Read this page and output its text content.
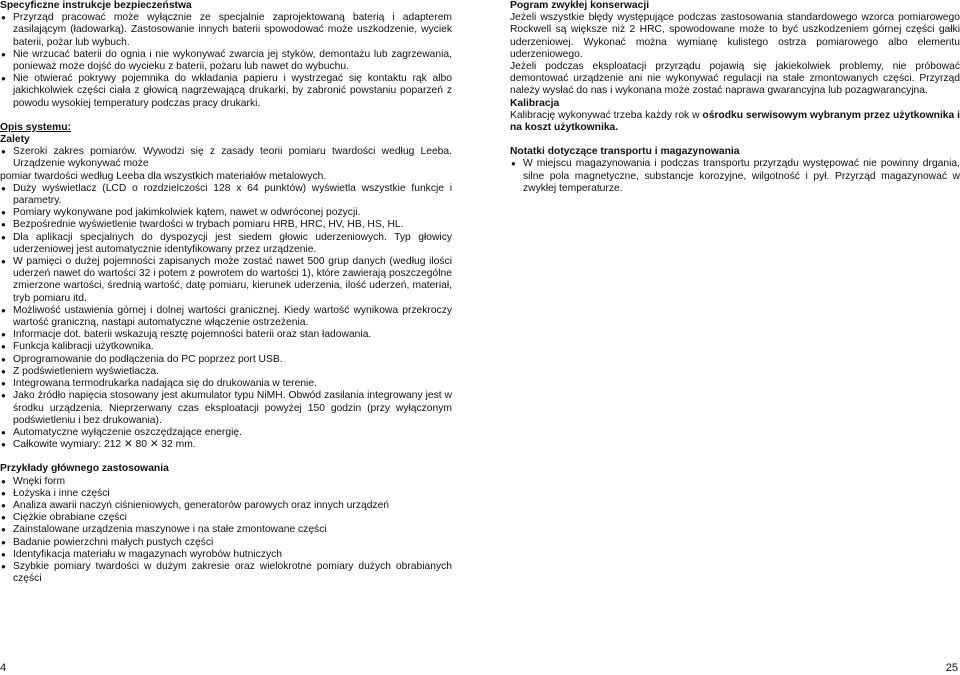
Specyficzne instrukcje bezpieczeństwa
● Przyrząd pracować może wyłącznie ze specjalnie zaprojektowaną baterią i adapterem zasilającym (ładowarką). Zastosowanie innych baterii spowodować może uszkodzenie, wyciek baterii, pożar lub wybuch.
● Nie wrzucać baterii do ognia i nie wykonywać zwarcia jej styków, demontażu lub zagrzewania, ponieważ może dojść do wycieku z baterii, pożaru lub nawet do wybuchu.
● Nie otwierać pokrywy pojemnika do wkładania papieru i wystrzegać się kontaktu rąk albo jakichkolwiek części ciała z głowicą nagrzewającą drukarki, by zabronić powstaniu poparzeń z powodu wysokiej temperatury podczas pracy drukarki.
Opis systemu:
Zalety
● Szeroki zakres pomiarów. Wywodzi się z zasady teorii pomiaru twardości według Leeba. Urządzenie wykonywać może
pomiar twardości według Leeba dla wszystkich materiałów metalowych.
● Duży wyświetlacz (LCD o rozdzielczości 128 x 64 punktów) wyświetla wszystkie funkcje i parametry.
● Pomiary wykonywane pod jakimkolwiek kątem, nawet w odwróconej pozycji.
● Bezpośrednie wyświetlenie twardości w trybach pomiaru HRB, HRC, HV, HB, HS, HL.
● Dla aplikacji specjalnych do dyspozycji jest siedem głowic uderzeniowych. Typ głowicy uderzeniowej jest automatycznie identyfikowany przez urządzenie.
● W pamięci o dużej pojemności zapisanych może zostać nawet 500 grup danych (według ilości uderzeń nawet do wartości 32 i potem z powrotem do wartości 1), które zawierają poszczególne zmierzone wartości, średnią wartość, datę pomiaru, kierunek uderzenia, ilość uderzeń, materiał, tryb pomiaru itd.
● Możliwość ustawienia górnej i dolnej wartości granicznej. Kiedy wartość wynikowa przekroczy wartość graniczną, nastąpi automatyczne włączenie ostrzeżenia.
● Informacje dot. baterii wskazują resztę pojemności baterii oraz stan ładowania.
● Funkcja kalibracji użytkownika.
● Oprogramowanie do podłączenia do PC poprzez port USB.
● Z podświetleniem wyświetlacza.
● Integrowana termodrukarka nadająca się do drukowania w terenie.
● Jako źródło napięcia stosowany jest akumulator typu NiMH. Obwód zasilania integrowany jest w środku urządzenia. Nieprzerwany czas eksploatacji powyżej 150 godzin (przy wyłączonym podświetleniu i bez drukowania).
● Automatyczne wyłączenie oszczędzające energię.
● Całkowite wymiary: 212 ✕ 80 ✕ 32 mm.
Przykłady głównego zastosowania
● Wnęki form
● Łożyska i inne części
● Analiza awarii naczyń ciśnieniowych, generatorów parowych oraz innych urządzeń
● Ciężkie obrabiane części
● Zainstalowane urządzenia maszynowe i na stałe zmontowane części
● Badanie powierzchni małych pustych części
● Identyfikacja materiału w magazynach wyrobów hutniczych
● Szybkie pomiary twardości w dużym zakresie oraz wielokrotne pomiary dużych obrabianych części
Pogram zwykłej konserwacji
Jeżeli wszystkie błędy występujące podczas zastosowania standardowego wzorca pomiarowego Rockwell są większe niż 2 HRC, spowodowane może to być uszkodzeniem górnej części gałki uderzeniowej. Wykonać można wymianę kulistego ostrza pomiarowego albo elementu uderzeniowego.
Jeżeli podczas eksploatacji przyrządu pojawią się jakiekolwiek problemy, nie próbować demontować urządzenie ani nie wykonywać regulacji na stałe zmontowanych części. Przyrząd należy wysłać do nas i wykonana może zostać naprawa gwarancyjna lub pozagwarancyjna.
Kalibracja
Kalibrację wykonywać trzeba każdy rok w ośrodku serwisowym wybranym przez użytkownika i na koszt użytkownika.
Notatki dotyczące transportu i magazynowania
● W miejscu magazynowania i podczas transportu przyrządu występować nie powinny drgania, silne pola magnetyczne, substancje korozyjne, wilgotność i pył. Przyrząd magazynować w zwykłej temperaturze.
4	25
